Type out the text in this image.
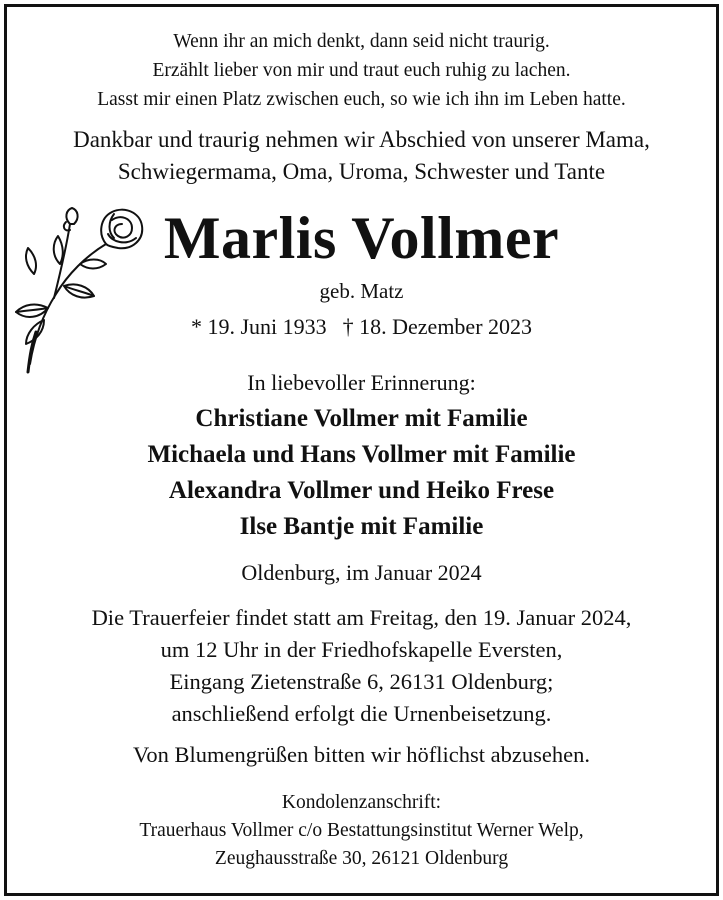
Wenn ihr an mich denkt, dann seid nicht traurig.
Erzählt lieber von mir und traut euch ruhig zu lachen.
Lasst mir einen Platz zwischen euch, so wie ich ihn im Leben hatte.
Dankbar und traurig nehmen wir Abschied von unserer Mama,
Schwiegermama, Oma, Uroma, Schwester und Tante
Marlis Vollmer
geb. Matz
* 19. Juni 1933 † 18. Dezember 2023
In liebevoller Erinnerung:
Christiane Vollmer mit Familie
Michaela und Hans Vollmer mit Familie
Alexandra Vollmer und Heiko Frese
Ilse Bantje mit Familie
Oldenburg, im Januar 2024
Die Trauerfeier findet statt am Freitag, den 19. Januar 2024,
um 12 Uhr in der Friedhofskapelle Eversten,
Eingang Zietenstraße 6, 26131 Oldenburg;
anschließend erfolgt die Urnenbeisetzung.
Von Blumengrüßen bitten wir höflichst abzusehen.
Kondolenzanschrift:
Trauerhaus Vollmer c/o Bestattungsinstitut Werner Welp,
Zeughausstraße 30, 26121 Oldenburg
